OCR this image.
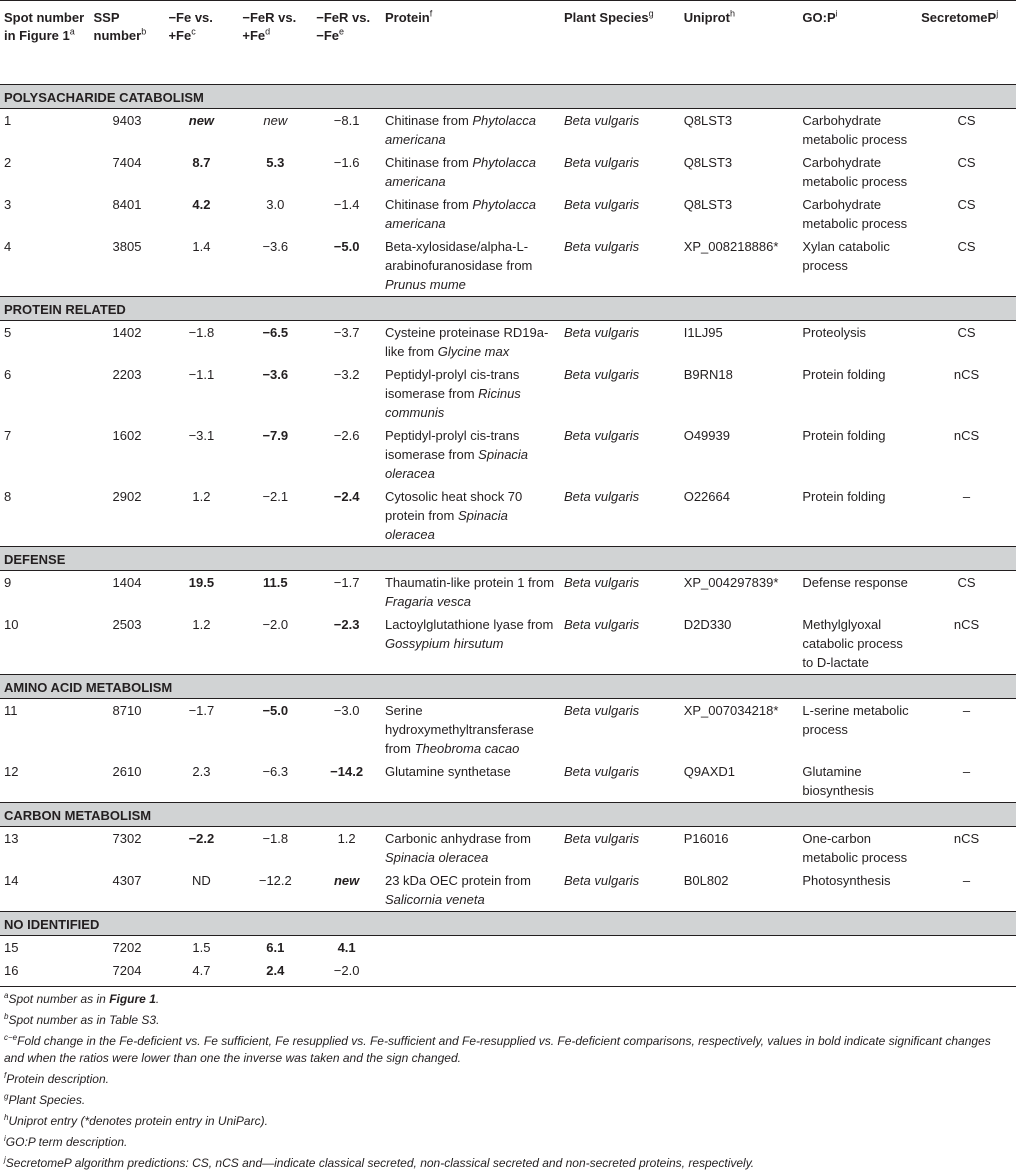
Spot number in Figure 1$^a$	SSP number$^b$	−Fe vs. $+Fe^c$	−FeR vs. $+Fe^d$	−FeR vs. $-Fe^e$	Protein$^f$	Plant Species$^g$	Uniprot$^h$	$GO:P^i$	SecretomeP$^j$
POLYSACHARIDE CATABOLISM									
1	9403	new	new	−8.1	Chitinase from Phytolacca americana	Beta vulgaris	Q8LST3	Carbohydrate metabolic process	CS
2	7404	8.7	5.3	−1.6	Chitinase from Phytolacca americana	Beta vulgaris	Q8LST3	Carbohydrate metabolic process	CS
3	8401	4.2	3.0	−1.4	Chitinase from Phytolacca americana	Beta vulgaris	Q8LST3	Carbohydrate metabolic process	CS
4	3805	1.4	−3.6	−5.0	Beta-xylosidase/alpha-L-arabinofuranosidase from Prunus mume	Beta vulgaris	XP_008218886*	Xylan catabolic process	CS
PROTEIN RELATED									
5	1402	−1.8	−6.5	−3.7	Cysteine proteinase RD19a-like from Glycine max	Beta vulgaris	I1LJ95	Proteolysis	CS
6	2203	−1.1	−3.6	−3.2	Peptidyl-prolyl cis-trans isomerase from Ricinus communis	Beta vulgaris	B9RN18	Protein folding	nCS
7	1602	−3.1	−7.9	−2.6	Peptidyl-prolyl cis-trans isomerase from Spinacia oleracea	Beta vulgaris	O49939	Protein folding	nCS
8	2902	1.2	−2.1	−2.4	Cytosolic heat shock 70 protein from Spinacia oleracea	Beta vulgaris	O22664	Protein folding	–
DEFENSE									
9	1404	19.5	11.5	−1.7	Thaumatin-like protein 1 from Fragaria vesca	Beta vulgaris	XP_004297839*	Defense response	CS
10	2503	1.2	−2.0	−2.3	Lactoylglutathione lyase from Gossypium hirsutum	Beta vulgaris	D2D330	Methylglyoxal catabolic process to D-lactate	nCS
AMINO ACID METABOLISM									
11	8710	−1.7	−5.0	−3.0	Serine hydroxymethyltransferase from Theobroma cacao	Beta vulgaris	XP_007034218*	L-serine metabolic process	–
12	2610	2.3	−6.3	−14.2	Glutamine synthetase	Beta vulgaris	Q9AXD1	Glutamine biosynthesis	–
CARBON METABOLISM									
13	7302	−2.2	−1.8	1.2	Carbonic anhydrase from Spinacia oleracea	Beta vulgaris	P16016	One-carbon metabolic process	nCS
14	4307	ND	−12.2	new	23 kDa OEC protein from Salicornia veneta	Beta vulgaris	B0L802	Photosynthesis	–
NO IDENTIFIED									
15	7202	1.5	6.1	4.1					
16	7204	4.7	2.4	−2.0					
$^a$Spot number as in Figure 1.
$^b$Spot number as in Table S3.
$^{c-e}$Fold change in the Fe-deficient vs. Fe sufficient, Fe resupplied vs. Fe-sufficient and Fe-resupplied vs. Fe-deficient comparisons, respectively, values in bold indicate significant changes and when the ratios were lower than one the inverse was taken and the sign changed.
$^f$Protein description.
$^g$Plant Species.
$^h$Uniprot entry (*denotes protein entry in UniParc).
$^i$GO:P term description.
$^j$SecretomeP algorithm predictions: CS, nCS and—indicate classical secreted, non-classical secreted and non-secreted proteins, respectively.
